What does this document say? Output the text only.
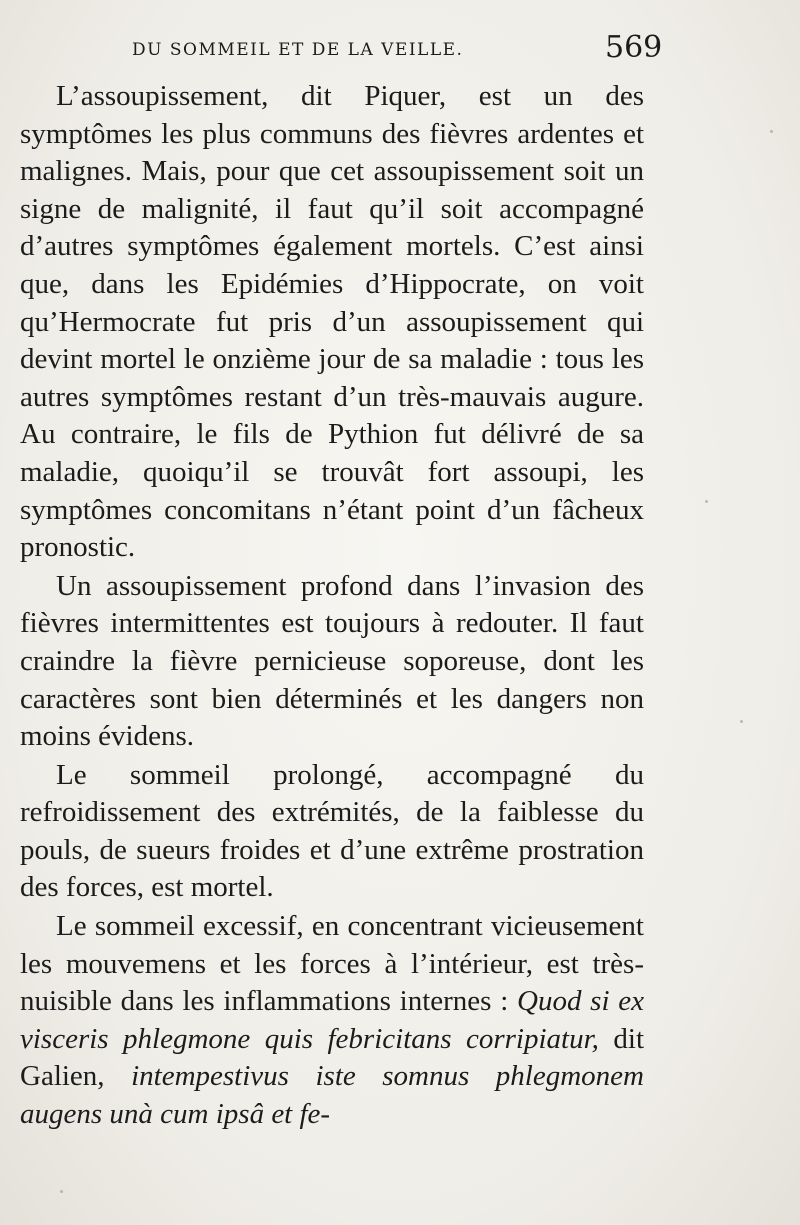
DU SOMMEIL ET DE LA VEILLE.	569

L’assoupissement, dit Piquer, est un des symptômes les plus communs des fièvres ardentes et malignes. Mais, pour que cet assoupissement soit un signe de malignité, il faut qu’il soit accompagné d’autres symptômes également mortels. C’est ainsi que, dans les Epidémies d’Hippocrate, on voit qu’Hermocrate fut pris d’un assoupissement qui devint mortel le onzième jour de sa maladie : tous les autres symptômes restant d’un très-mauvais augure. Au contraire, le fils de Pythion fut délivré de sa maladie, quoiqu’il se trouvât fort assoupi, les symptômes concomitans n’étant point d’un fâcheux pronostic.

Un assoupissement profond dans l’invasion des fièvres intermittentes est toujours à redouter. Il faut craindre la fièvre pernicieuse soporeuse, dont les caractères sont bien déterminés et les dangers non moins évidens.

Le sommeil prolongé, accompagné du refroidissement des extrémités, de la faiblesse du pouls, de sueurs froides et d’une extrême prostration des forces, est mortel.

Le sommeil excessif, en concentrant vicieusement les mouvemens et les forces à l’intérieur, est très-nuisible dans les inflammations internes : Quod si ex visceris phlegmone quis febricitans corripiatur, dit Galien, intempestivus iste somnus phlegmonem augens unà cum ipsâ et fe-
